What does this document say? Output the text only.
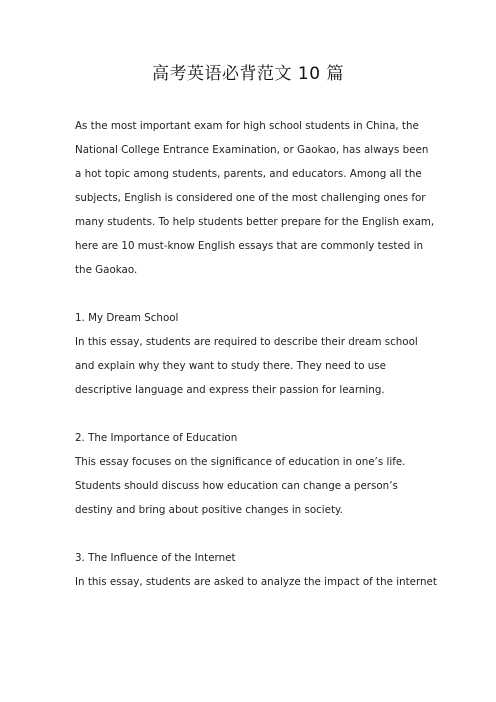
高考英语必背范文 10 篇

As the most important exam for high school students in China, the
National College Entrance Examination, or Gaokao, has always been
a hot topic among students, parents, and educators. Among all the
subjects, English is considered one of the most challenging ones for
many students. To help students better prepare for the English exam,
here are 10 must-know English essays that are commonly tested in
the Gaokao.

1. My Dream School
In this essay, students are required to describe their dream school
and explain why they want to study there. They need to use
descriptive language and express their passion for learning.
2. The Importance of Education
This essay focuses on the significance of education in one’s life.
Students should discuss how education can change a person’s
destiny and bring about positive changes in society.
3. The Influence of the Internet
In this essay, students are asked to analyze the impact of the internet
